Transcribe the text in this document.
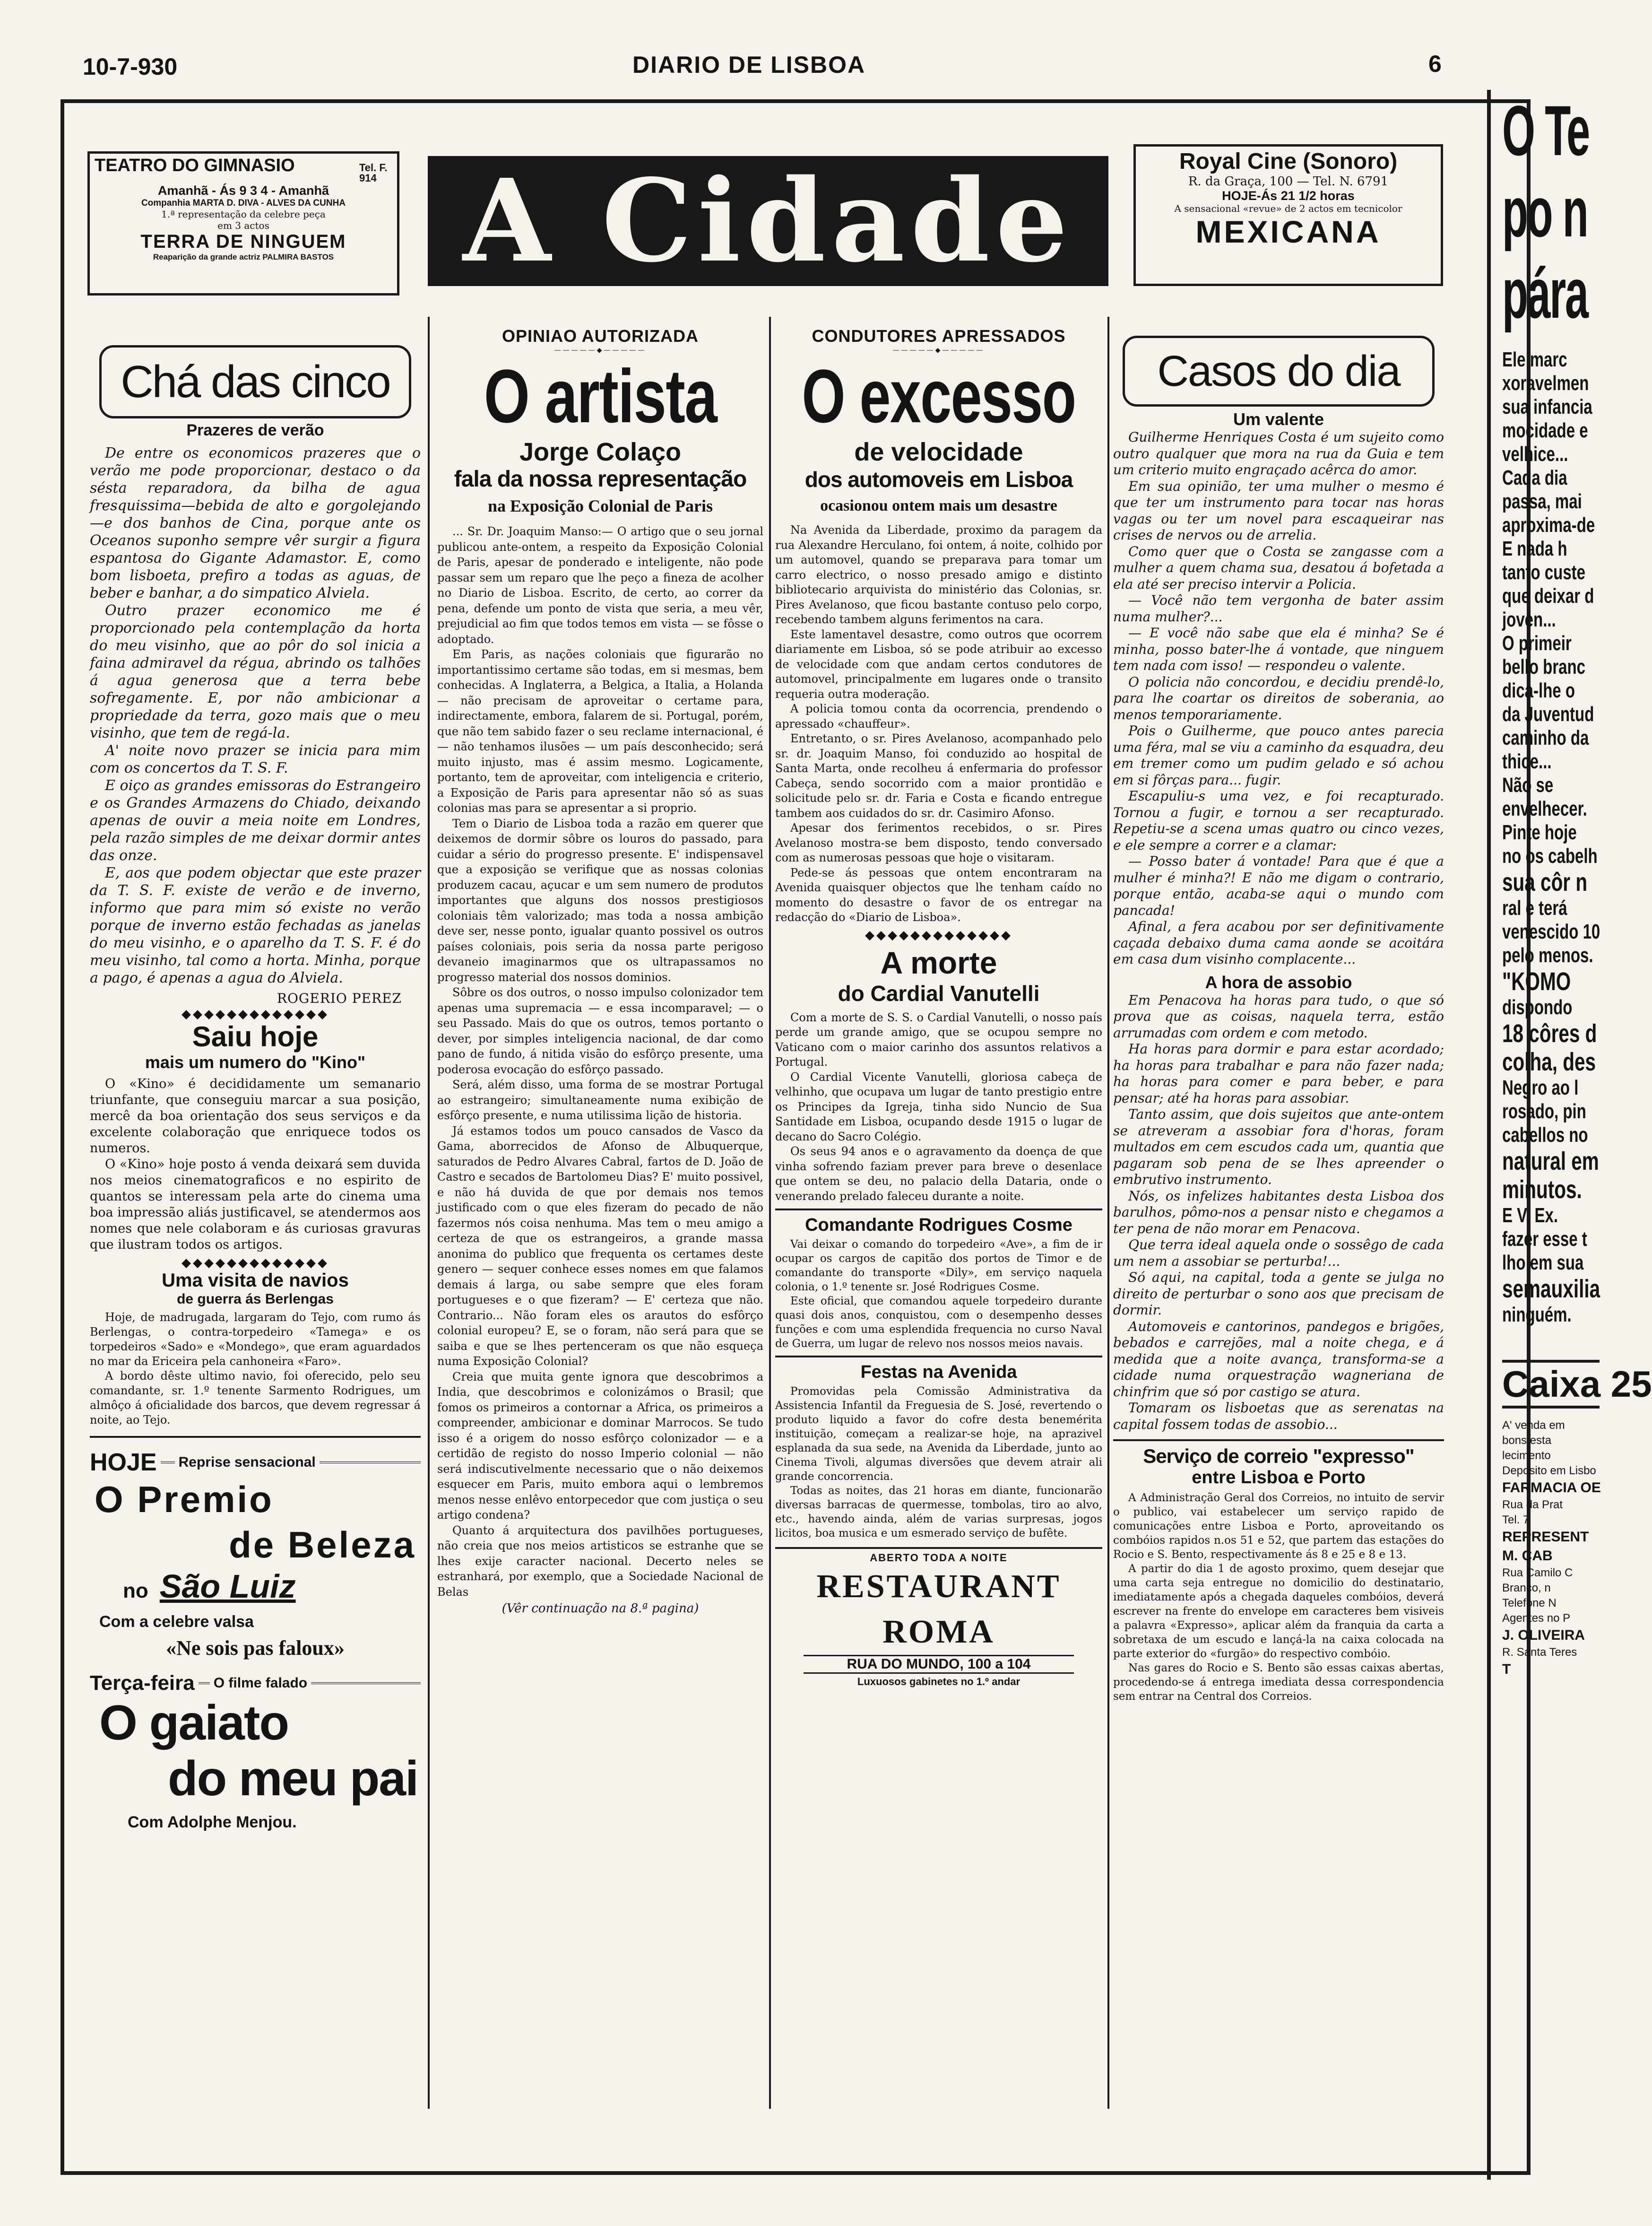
10-7-930	DIARIO DE LISBOA	6
TEATRO DO GIMNASIO	Tel. F. 914
Amanhã - Ás 9 3 4 - Amanhã
Companhia MARTA D. DIVA - ALVES DA CUNHA
1.ª representação da celebre peça
em 3 actos
TERRA DE NINGUEM
Reaparição da grande actriz PALMIRA BASTOS	A Cidade	Royal Cine (Sonoro)
R. da Graça, 100 — Tel. N. 6791
HOJE-Ás 21 1/2 horas
A sensacional «revue» de 2 actos em tecnicolor
MEXICANA
Chá das cinco
Prazeres de verão

De entre os economicos prazeres que o verão me pode proporcionar, destaco o da sésta reparadora, da bilha de agua fresquissima—bebida de alto e gorgolejando—e dos banhos de Cina, porque ante os Oceanos suponho sempre vêr surgir a figura espantosa do Gigante Adamastor. E, como bom lisboeta, prefiro a todas as aguas, de beber e banhar, a do simpatico Alviela.

Outro prazer economico me é proporcionado pela contemplação da horta do meu visinho, que ao pôr do sol inicia a faina admiravel da régua, abrindo os talhões á agua generosa que a terra bebe sofregamente. E, por não ambicionar a propriedade da terra, gozo mais que o meu visinho, que tem de regá-la.

A' noite novo prazer se inicia para mim com os concertos da T. S. F.

E oiço as grandes emissoras do Estrangeiro e os Grandes Armazens do Chiado, deixando apenas de ouvir a meia noite em Londres, pela razão simples de me deixar dormir antes das onze.

E, aos que podem objectar que este prazer da T. S. F. existe de verão e de inverno, informo que para mim só existe no verão porque de inverno estão fechadas as janelas do meu visinho, e o aparelho da T. S. F. é do meu visinho, tal como a horta. Minha, porque a pago, é apenas a agua do Alviela.

ROGERIO PEREZ
◆◆◆◆◆◆◆◆◆◆◆◆◆
Saiu hoje
mais um numero do "Kino"

O «Kino» é decididamente um semanario triunfante, que conseguiu marcar a sua posição, mercê da boa orientação dos seus serviços e da excelente colaboração que enriquece todos os numeros.

O «Kino» hoje posto á venda deixará sem duvida nos meios cinematograficos e no espirito de quantos se interessam pela arte do cinema uma boa impressão aliás justificavel, se atendermos aos nomes que nele colaboram e ás curiosas gravuras que ilustram todos os artigos.

◆◆◆◆◆◆◆◆◆◆◆◆◆
Uma visita de navios
de guerra ás Berlengas

Hoje, de madrugada, largaram do Tejo, com rumo ás Berlengas, o contra-torpedeiro «Tamega» e os torpedeiros «Sado» e «Mondego», que eram aguardados no mar da Ericeira pela canhoneira «Faro».

A bordo dêste ultimo navio, foi oferecido, pelo seu comandante, sr. 1.º tenente Sarmento Rodrigues, um almôço á oficialidade dos barcos, que devem regressar á noite, ao Tejo.

HOJE Reprise sensacional
O Premio
de Beleza
no São Luiz
Com a celebre valsa
«Ne sois pas faloux»
Terça-feira O filme falado
O gaiato
do meu pai
Com Adolphe Menjou.
OPINIAO AUTORIZADA
—————◆—————
O artista
Jorge Colaço
fala da nossa representação
na Exposição Colonial de Paris

... Sr. Dr. Joaquim Manso:— O artigo que o seu jornal publicou ante-ontem, a respeito da Exposição Colonial de Paris, apesar de ponderado e inteligente, não pode passar sem um reparo que lhe peço a fineza de acolher no Diario de Lisboa. Escrito, de certo, ao correr da pena, defende um ponto de vista que seria, a meu vêr, prejudicial ao fim que todos temos em vista — se fôsse o adoptado.

Em Paris, as nações coloniais que figurarão no importantissimo certame são todas, em si mesmas, bem conhecidas. A Inglaterra, a Belgica, a Italia, a Holanda — não precisam de aproveitar o certame para, indirectamente, embora, falarem de si. Portugal, porém, que não tem sabido fazer o seu reclame internacional, é — não tenhamos ilusões — um país desconhecido; será muito injusto, mas é assim mesmo. Logicamente, portanto, tem de aproveitar, com inteligencia e criterio, a Exposição de Paris para apresentar não só as suas colonias mas para se apresentar a si proprio.

Tem o Diario de Lisboa toda a razão em querer que deixemos de dormir sôbre os louros do passado, para cuidar a sério do progresso presente. E' indispensavel que a exposição se verifique que as nossas colonias produzem cacau, açucar e um sem numero de produtos importantes que alguns dos nossos prestigiosos coloniais têm valorizado; mas toda a nossa ambição deve ser, nesse ponto, igualar quanto possivel os outros países coloniais, pois seria da nossa parte perigoso devaneio imaginarmos que os ultrapassamos no progresso material dos nossos dominios.

Sôbre os dos outros, o nosso impulso colonizador tem apenas uma supremacia — e essa incomparavel; — o seu Passado. Mais do que os outros, temos portanto o dever, por simples inteligencia nacional, de dar como pano de fundo, á nitida visão do esfôrço presente, uma poderosa evocação do esfôrço passado.

Será, além disso, uma forma de se mostrar Portugal ao estrangeiro; simultaneamente numa exibição de esfôrço presente, e numa utilissima lição de historia.

Já estamos todos um pouco cansados de Vasco da Gama, aborrecidos de Afonso de Albuquerque, saturados de Pedro Alvares Cabral, fartos de D. João de Castro e secados de Bartolomeu Dias? E' muito possivel, e não há duvida de que por demais nos temos justificado com o que eles fizeram do pecado de não fazermos nós coisa nenhuma. Mas tem o meu amigo a certeza de que os estrangeiros, a grande massa anonima do publico que frequenta os certames deste genero — sequer conhece esses nomes em que falamos demais á larga, ou sabe sempre que eles foram portugueses e o que fizeram? — E' certeza que não. Contrario... Não foram eles os arautos do esfôrço colonial europeu? E, se o foram, não será para que se saiba e que se lhes pertenceram os que não esqueça numa Exposição Colonial?

Creia que muita gente ignora que descobrimos a India, que descobrimos e colonizámos o Brasil; que fomos os primeiros a contornar a Africa, os primeiros a compreender, ambicionar e dominar Marrocos. Se tudo isso é a origem do nosso esfôrço colonizador — e a certidão de registo do nosso Imperio colonial — não será indiscutivelmente necessario que o não deixemos esquecer em Paris, muito embora aqui o lembremos menos nesse enlêvo entorpecedor que com justiça o seu artigo condena?

Quanto á arquitectura dos pavilhões portugueses, não creia que nos meios artisticos se estranhe que se lhes exije caracter nacional. Decerto neles se estranhará, por exemplo, que a Sociedade Nacional de Belas

(Vêr continuação na 8.ª pagina)
CONDUTORES APRESSADOS
—————◆—————
O excesso
de velocidade
dos automoveis em Lisboa
ocasionou ontem mais um desastre

Na Avenida da Liberdade, proximo da paragem da rua Alexandre Herculano, foi ontem, á noite, colhido por um automovel, quando se preparava para tomar um carro electrico, o nosso presado amigo e distinto bibliotecario arquivista do ministério das Colonias, sr. Pires Avelanoso, que ficou bastante contuso pelo corpo, recebendo tambem alguns ferimentos na cara.

Este lamentavel desastre, como outros que ocorrem diariamente em Lisboa, só se pode atribuir ao excesso de velocidade com que andam certos condutores de automovel, principalmente em lugares onde o transito requeria outra moderação.

A policia tomou conta da ocorrencia, prendendo o apressado «chauffeur».

Entretanto, o sr. Pires Avelanoso, acompanhado pelo sr. dr. Joaquim Manso, foi conduzido ao hospital de Santa Marta, onde recolheu á enfermaria do professor Cabeça, sendo socorrido com a maior prontidão e solicitude pelo sr. dr. Faria e Costa e ficando entregue tambem aos cuidados do sr. dr. Casimiro Afonso.

Apesar dos ferimentos recebidos, o sr. Pires Avelanoso mostra-se bem disposto, tendo conversado com as numerosas pessoas que hoje o visitaram.

Pede-se ás pessoas que ontem encontraram na Avenida quaisquer objectos que lhe tenham caído no momento do desastre o favor de os entregar na redacção do «Diario de Lisboa».

◆◆◆◆◆◆◆◆◆◆◆◆◆
A morte
do Cardial Vanutelli

Com a morte de S. S. o Cardial Vanutelli, o nosso país perde um grande amigo, que se ocupou sempre no Vaticano com o maior carinho dos assuntos relativos a Portugal.

O Cardial Vicente Vanutelli, gloriosa cabeça de velhinho, que ocupava um lugar de tanto prestigio entre os Principes da Igreja, tinha sido Nuncio de Sua Santidade em Lisboa, ocupando desde 1915 o lugar de decano do Sacro Colégio.

Os seus 94 anos e o agravamento da doença de que vinha sofrendo faziam prever para breve o desenlace que ontem se deu, no palacio della Dataria, onde o venerando prelado faleceu durante a noite.

Comandante Rodrigues Cosme

Vai deixar o comando do torpedeiro «Ave», a fim de ir ocupar os cargos de capitão dos portos de Timor e de comandante do transporte «Dily», em serviço naquela colonia, o 1.º tenente sr. José Rodrigues Cosme.

Este oficial, que comandou aquele torpedeiro durante quasi dois anos, conquistou, com o desempenho desses funções e com uma esplendida frequencia no curso Naval de Guerra, um lugar de relevo nos nossos meios navais.

Festas na Avenida

Promovidas pela Comissão Administrativa da Assistencia Infantil da Freguesia de S. José, revertendo o produto liquido a favor do cofre desta benemérita instituição, começam a realizar-se hoje, na aprazivel esplanada da sua sede, na Avenida da Liberdade, junto ao Cinema Tivoli, algumas diversões que devem atrair ali grande concorrencia.

Todas as noites, das 21 horas em diante, funcionarão diversas barracas de quermesse, tombolas, tiro ao alvo, etc., havendo ainda, além de varias surpresas, jogos licitos, boa musica e um esmerado serviço de bufête.

ABERTO TODA A NOITE
RESTAURANT ROMA
RUA DO MUNDO, 100 a 104
Luxuosos gabinetes no 1.º andar
Casos do dia
Um valente

Guilherme Henriques Costa é um sujeito como outro qualquer que mora na rua da Guia e tem um criterio muito engraçado acêrca do amor.

Em sua opinião, ter uma mulher o mesmo é que ter um instrumento para tocar nas horas vagas ou ter um novel para escaqueirar nas crises de nervos ou de arrelia.

Como quer que o Costa se zangasse com a mulher a quem chama sua, desatou á bofetada a ela até ser preciso intervir a Policia.

— Você não tem vergonha de bater assim numa mulher?...

— E você não sabe que ela é minha? Se é minha, posso bater-lhe á vontade, que ninguem tem nada com isso! — respondeu o valente.

O policia não concordou, e decidiu prendê-lo, para lhe coartar os direitos de soberania, ao menos temporariamente.

Pois o Guilherme, que pouco antes parecia uma féra, mal se viu a caminho da esquadra, deu em tremer como um pudim gelado e só achou em si fôrças para... fugir.

Escapuliu-s uma vez, e foi recapturado. Tornou a fugir, e tornou a ser recapturado. Repetiu-se a scena umas quatro ou cinco vezes, e ele sempre a correr e a clamar:

— Posso bater á vontade! Para que é que a mulher é minha?! E não me digam o contrario, porque então, acaba-se aqui o mundo com pancada!

Afinal, a fera acabou por ser definitivamente caçada debaixo duma cama aonde se acoitára em casa dum visinho complacente...

A hora de assobio

Em Penacova ha horas para tudo, o que só prova que as coisas, naquela terra, estão arrumadas com ordem e com metodo.

Ha horas para dormir e para estar acordado; ha horas para trabalhar e para não fazer nada; ha horas para comer e para beber, e para pensar; até ha horas para assobiar.

Tanto assim, que dois sujeitos que ante-ontem se atreveram a assobiar fora d'horas, foram multados em cem escudos cada um, quantia que pagaram sob pena de se lhes apreender o embrutivo instrumento.

Nós, os infelizes habitantes desta Lisboa dos barulhos, pômo-nos a pensar nisto e chegamos a ter pena de não morar em Penacova.

Que terra ideal aquela onde o sossêgo de cada um nem a assobiar se perturba!...

Só aqui, na capital, toda a gente se julga no direito de perturbar o sono aos que precisam de dormir.

Automoveis e cantorinos, pandegos e brigões, bebados e carrejões, mal a noite chega, e á medida que a noite avança, transforma-se a cidade numa orquestração wagneriana de chinfrim que só por castigo se atura.

Tomaram os lisboetas que as serenatas na capital fossem todas de assobio...

Serviço de correio "expresso"
entre Lisboa e Porto

A Administração Geral dos Correios, no intuito de servir o publico, vai estabelecer um serviço rapido de comunicações entre Lisboa e Porto, aproveitando os combóios rapidos n.os 51 e 52, que partem das estações do Rocio e S. Bento, respectivamente ás 8 e 25 e 8 e 13.

A partir do dia 1 de agosto proximo, quem desejar que uma carta seja entregue no domicilio do destinatario, imediatamente após a chegada daqueles combóios, deverá escrever na frente do envelope em caracteres bem visiveis a palavra «Expresso», aplicar além da franquia da carta a sobretaxa de um escudo e lançá-la na caixa colocada na parte exterior do «furgão» do respectivo combóio.

Nas gares do Rocio e S. Bento são essas caixas abertas, procedendo-se á entrega imediata dessa correspondencia sem entrar na Central dos Correios.

O Te
po n
pára
Ele marc
xoravelmen
sua infancia
mocidade e
velhice...
Cada dia
passa, mai
aproxima-de
E nada h
tanto custe
que deixar d
joven...
O primeir
bello branc
dica-lhe o
da Juventud
caminho da
thice...
Não se
envelhecer.
Pinte hoje
no os cabelh
sua côr n
ral e terá
venescido 10
pelo menos.
"KOMO
dispondo
18 côres d
colha, des
Negro ao l
rosado, pin
cabellos no
natural em
minutos.
E V. Ex.
fazer esse t
lho em sua
semauxilia
ninguém.
Caixa 25
A' venda em
bons esta
lecimento
Deposito em Lisbo
FARMACIA OE
Rua da Prat
Tel. 7
REPRESENT
M. CAB
Rua Camilo C
Branco, n
Telefone N
Agentes no P
J. OLIVEIRA
R. Santa Teres
T
